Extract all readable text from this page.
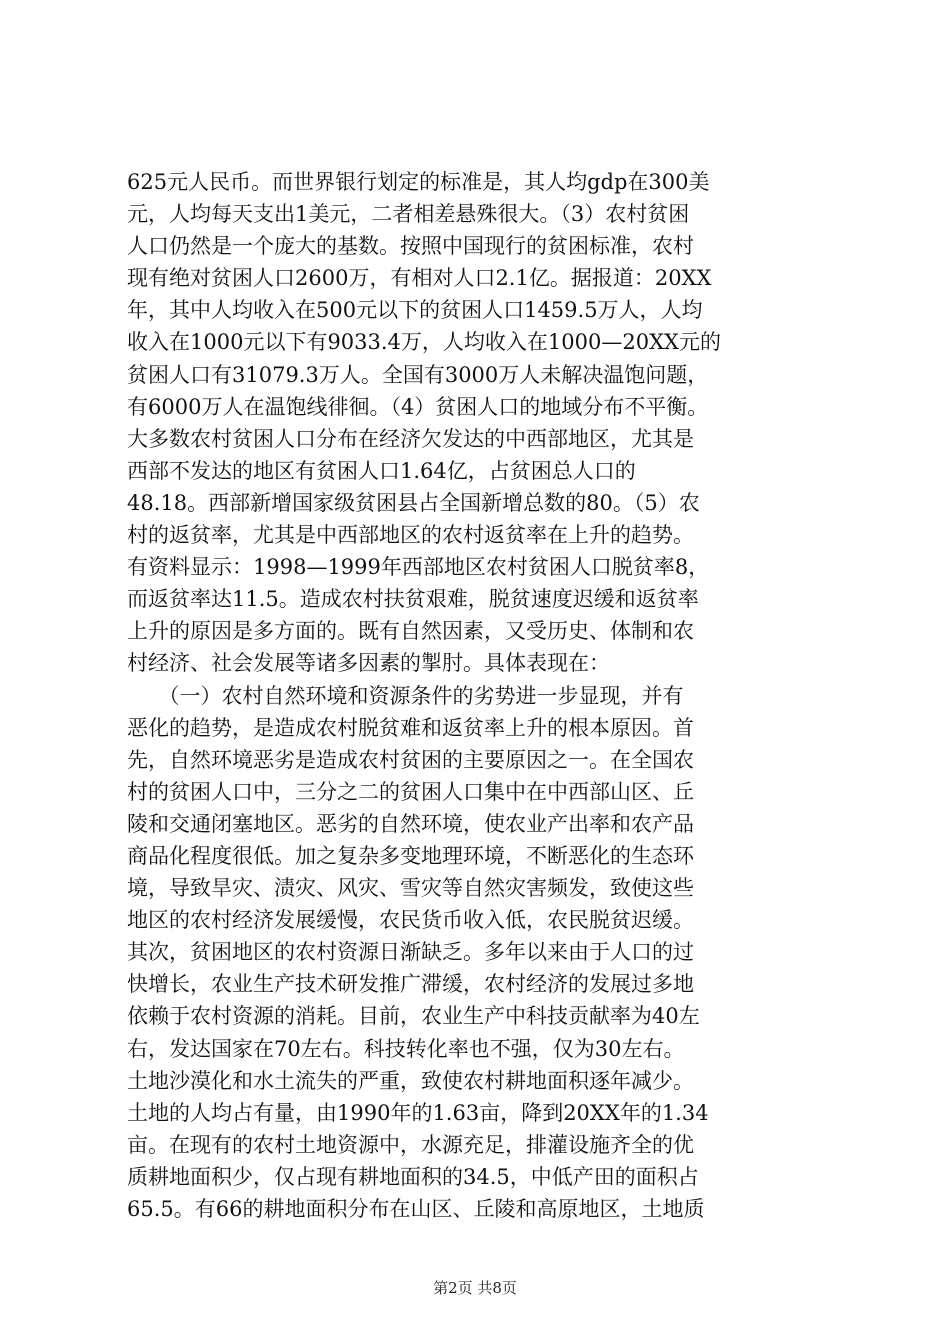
625元人民币。而世界银行划定的标准是，其人均gdp在300美
元，人均每天支出1美元，二者相差悬殊很大。（3）农村贫困
人口仍然是一个庞大的基数。按照中国现行的贫困标准，农村
现有绝对贫困人口2600万，有相对人口2.1亿。据报道：20XX
年，其中人均收入在500元以下的贫困人口1459.5万人，人均
收入在1000元以下有9033.4万，人均收入在1000—20XX元的
贫困人口有31079.3万人。全国有3000万人未解决温饱问题，
有6000万人在温饱线徘徊。（4）贫困人口的地域分布不平衡。
大多数农村贫困人口分布在经济欠发达的中西部地区，尤其是
西部不发达的地区有贫困人口1.64亿，占贫困总人口的
48.18。西部新增国家级贫困县占全国新增总数的80。（5）农
村的返贫率，尤其是中西部地区的农村返贫率在上升的趋势。
有资料显示：1998—1999年西部地区农村贫困人口脱贫率8，
而返贫率达11.5。造成农村扶贫艰难，脱贫速度迟缓和返贫率
上升的原因是多方面的。既有自然因素，又受历史、体制和农
村经济、社会发展等诸多因素的掣肘。具体表现在：
　　（一）农村自然环境和资源条件的劣势进一步显现，并有
恶化的趋势，是造成农村脱贫难和返贫率上升的根本原因。首
先，自然环境恶劣是造成农村贫困的主要原因之一。在全国农
村的贫困人口中，三分之二的贫困人口集中在中西部山区、丘
陵和交通闭塞地区。恶劣的自然环境，使农业产出率和农产品
商品化程度很低。加之复杂多变地理环境，不断恶化的生态环
境，导致旱灾、渍灾、风灾、雪灾等自然灾害频发，致使这些
地区的农村经济发展缓慢，农民货币收入低，农民脱贫迟缓。
其次，贫困地区的农村资源日渐缺乏。多年以来由于人口的过
快增长，农业生产技术研发推广滞缓，农村经济的发展过多地
依赖于农村资源的消耗。目前，农业生产中科技贡献率为40左
右，发达国家在70左右。科技转化率也不强，仅为30左右。
土地沙漠化和水土流失的严重，致使农村耕地面积逐年减少。
土地的人均占有量，由1990年的1.63亩，降到20XX年的1.34
亩。在现有的农村土地资源中，水源充足，排灌设施齐全的优
质耕地面积少，仅占现有耕地面积的34.5，中低产田的面积占
65.5。有66的耕地面积分布在山区、丘陵和高原地区，土地质
第2页 共8页
